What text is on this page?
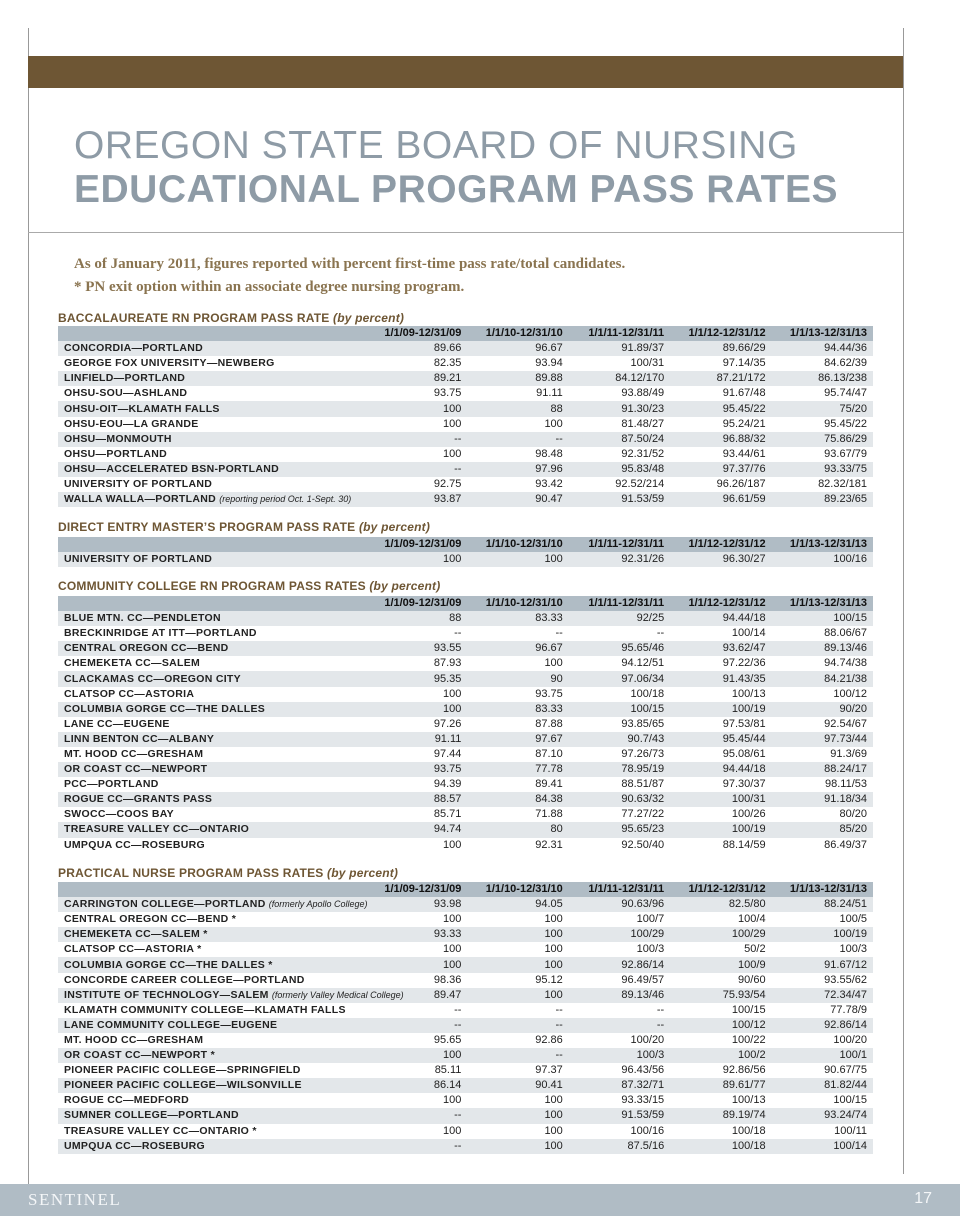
OREGON STATE BOARD OF NURSING
EDUCATIONAL PROGRAM PASS RATES
As of January 2011, figures reported with percent first-time pass rate/total candidates.
* PN exit option within an associate degree nursing program.
BACCALAUREATE RN PROGRAM PASS RATE (by percent)
	1/1/09-12/31/09	1/1/10-12/31/10	1/1/11-12/31/11	1/1/12-12/31/12	1/1/13-12/31/13
CONCORDIA—PORTLAND	89.66	96.67	91.89/37	89.66/29	94.44/36
GEORGE FOX UNIVERSITY—NEWBERG	82.35	93.94	100/31	97.14/35	84.62/39
LINFIELD—PORTLAND	89.21	89.88	84.12/170	87.21/172	86.13/238
OHSU-SOU—ASHLAND	93.75	91.11	93.88/49	91.67/48	95.74/47
OHSU-OIT—KLAMATH FALLS	100	88	91.30/23	95.45/22	75/20
OHSU-EOU—LA GRANDE	100	100	81.48/27	95.24/21	95.45/22
OHSU—MONMOUTH	--	--	87.50/24	96.88/32	75.86/29
OHSU—PORTLAND	100	98.48	92.31/52	93.44/61	93.67/79
OHSU—ACCELERATED BSN-PORTLAND	--	97.96	95.83/48	97.37/76	93.33/75
UNIVERSITY OF PORTLAND	92.75	93.42	92.52/214	96.26/187	82.32/181
WALLA WALLA—PORTLAND (reporting period Oct. 1-Sept. 30)	93.87	90.47	91.53/59	96.61/59	89.23/65
DIRECT ENTRY MASTER’S PROGRAM PASS RATE (by percent)
	1/1/09-12/31/09	1/1/10-12/31/10	1/1/11-12/31/11	1/1/12-12/31/12	1/1/13-12/31/13
UNIVERSITY OF PORTLAND	100	100	92.31/26	96.30/27	100/16
COMMUNITY COLLEGE RN PROGRAM PASS RATES (by percent)
	1/1/09-12/31/09	1/1/10-12/31/10	1/1/11-12/31/11	1/1/12-12/31/12	1/1/13-12/31/13
BLUE MTN. CC—PENDLETON	88	83.33	92/25	94.44/18	100/15
BRECKINRIDGE AT ITT—PORTLAND	--	--	--	100/14	88.06/67
CENTRAL OREGON CC—BEND	93.55	96.67	95.65/46	93.62/47	89.13/46
CHEMEKETA CC—SALEM	87.93	100	94.12/51	97.22/36	94.74/38
CLACKAMAS CC—OREGON CITY	95.35	90	97.06/34	91.43/35	84.21/38
CLATSOP CC—ASTORIA	100	93.75	100/18	100/13	100/12
COLUMBIA GORGE CC—THE DALLES	100	83.33	100/15	100/19	90/20
LANE CC—EUGENE	97.26	87.88	93.85/65	97.53/81	92.54/67
LINN BENTON CC—ALBANY	91.11	97.67	90.7/43	95.45/44	97.73/44
MT. HOOD CC—GRESHAM	97.44	87.10	97.26/73	95.08/61	91.3/69
OR COAST CC—NEWPORT	93.75	77.78	78.95/19	94.44/18	88.24/17
PCC—PORTLAND	94.39	89.41	88.51/87	97.30/37	98.11/53
ROGUE CC—GRANTS PASS	88.57	84.38	90.63/32	100/31	91.18/34
SWOCC—COOS BAY	85.71	71.88	77.27/22	100/26	80/20
TREASURE VALLEY CC—ONTARIO	94.74	80	95.65/23	100/19	85/20
UMPQUA CC—ROSEBURG	100	92.31	92.50/40	88.14/59	86.49/37
PRACTICAL NURSE PROGRAM PASS RATES (by percent)
	1/1/09-12/31/09	1/1/10-12/31/10	1/1/11-12/31/11	1/1/12-12/31/12	1/1/13-12/31/13
CARRINGTON COLLEGE—PORTLAND (formerly Apollo College)	93.98	94.05	90.63/96	82.5/80	88.24/51
CENTRAL OREGON CC—BEND *	100	100	100/7	100/4	100/5
CHEMEKETA CC—SALEM *	93.33	100	100/29	100/29	100/19
CLATSOP CC—ASTORIA *	100	100	100/3	50/2	100/3
COLUMBIA GORGE CC—THE DALLES *	100	100	92.86/14	100/9	91.67/12
CONCORDE CAREER COLLEGE—PORTLAND	98.36	95.12	96.49/57	90/60	93.55/62
INSTITUTE OF TECHNOLOGY—SALEM (formerly Valley Medical College)	89.47	100	89.13/46	75.93/54	72.34/47
KLAMATH COMMUNITY COLLEGE—KLAMATH FALLS	--	--	--	100/15	77.78/9
LANE COMMUNITY COLLEGE—EUGENE	--	--	--	100/12	92.86/14
MT. HOOD CC—GRESHAM	95.65	92.86	100/20	100/22	100/20
OR COAST CC—NEWPORT *	100	--	100/3	100/2	100/1
PIONEER PACIFIC COLLEGE—SPRINGFIELD	85.11	97.37	96.43/56	92.86/56	90.67/75
PIONEER PACIFIC COLLEGE—WILSONVILLE	86.14	90.41	87.32/71	89.61/77	81.82/44
ROGUE CC—MEDFORD	100	100	93.33/15	100/13	100/15
SUMNER COLLEGE—PORTLAND	--	100	91.53/59	89.19/74	93.24/74
TREASURE VALLEY CC—ONTARIO *	100	100	100/16	100/18	100/11
UMPQUA CC—ROSEBURG	--	100	87.5/16	100/18	100/14
SENTINEL	17
